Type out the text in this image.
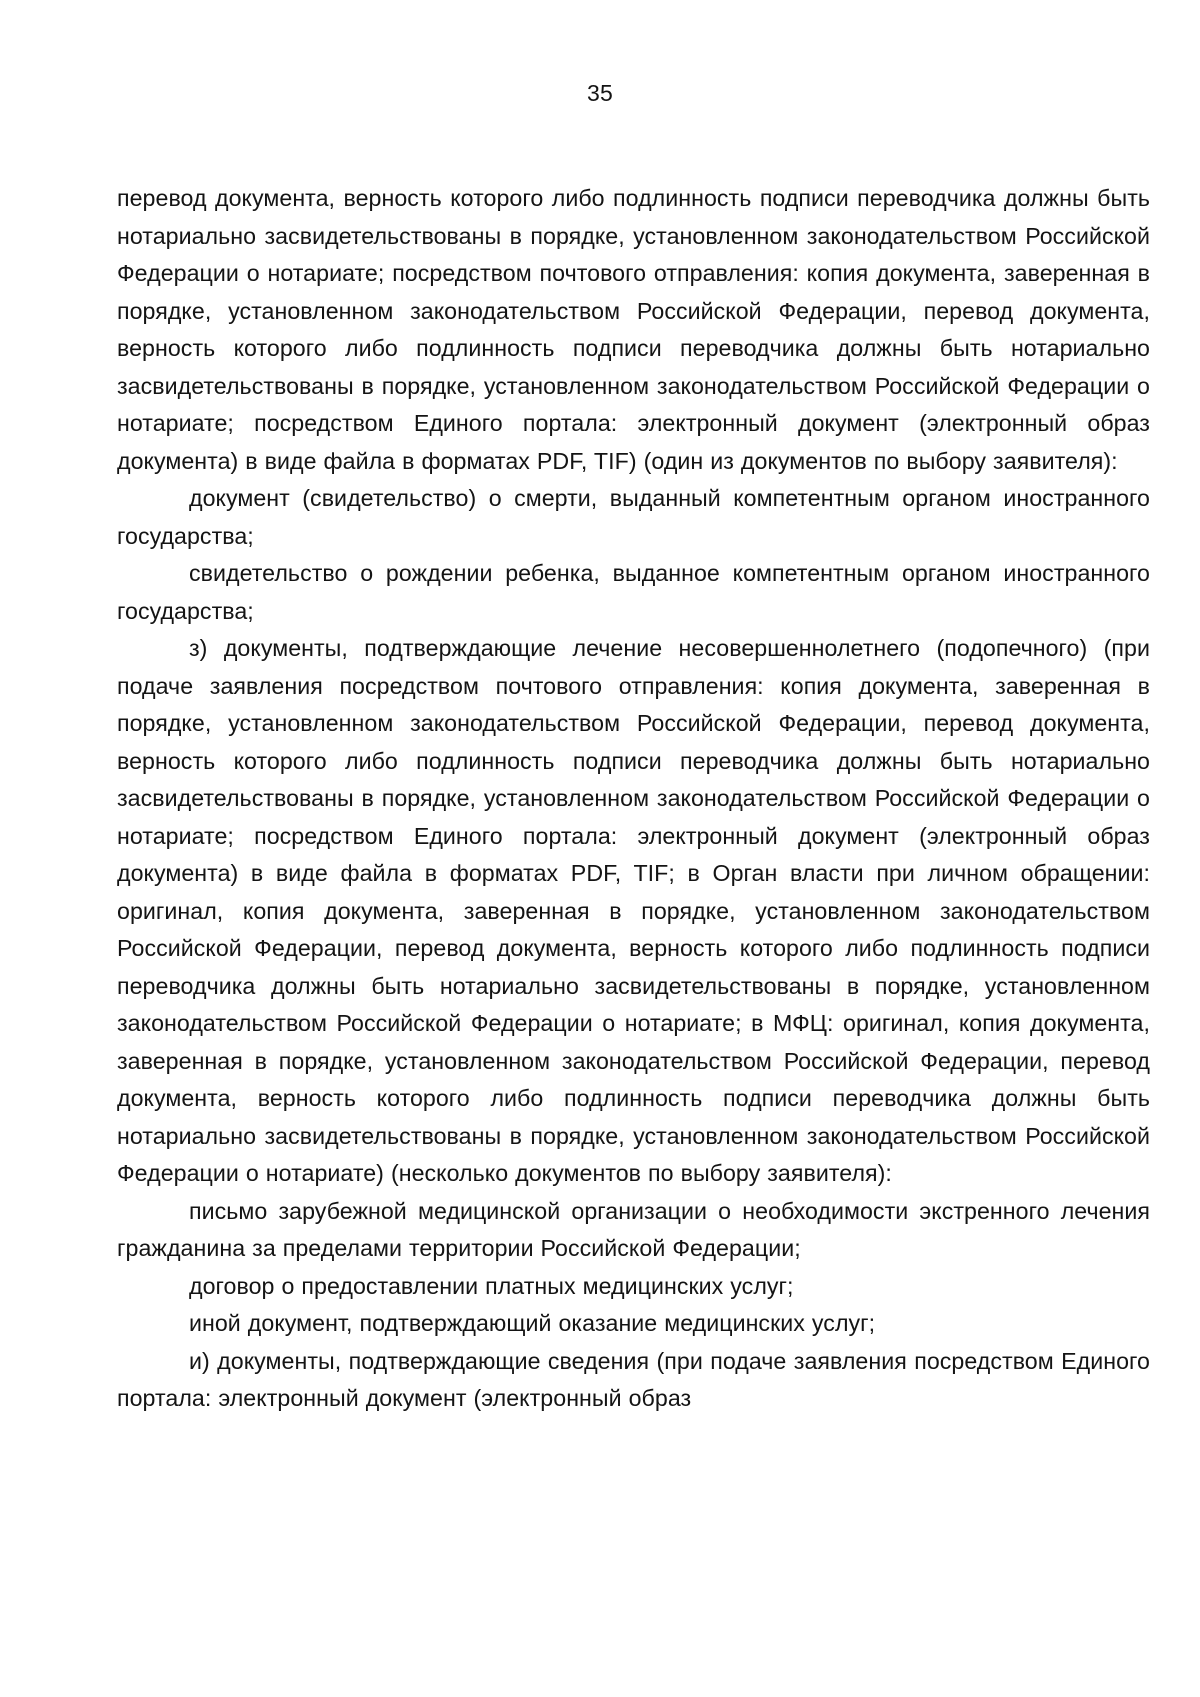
35

перевод документа, верность которого либо подлинность подписи переводчика должны быть нотариально засвидетельствованы в порядке, установленном законодательством Российской Федерации о нотариате; посредством почтового отправления: копия документа, заверенная в порядке, установленном законодательством Российской Федерации, перевод документа, верность которого либо подлинность подписи переводчика должны быть нотариально засвидетельствованы в порядке, установленном законодательством Российской Федерации о нотариате; посредством Единого портала: электронный документ (электронный образ документа) в виде файла в форматах PDF, TIF) (один из документов по выбору заявителя):

документ (свидетельство) о смерти, выданный компетентным органом иностранного государства;

свидетельство о рождении ребенка, выданное компетентным органом иностранного государства;

з) документы, подтверждающие лечение несовершеннолетнего (подопечного) (при подаче заявления посредством почтового отправления: копия документа, заверенная в порядке, установленном законодательством Российской Федерации, перевод документа, верность которого либо подлинность подписи переводчика должны быть нотариально засвидетельствованы в порядке, установленном законодательством Российской Федерации о нотариате; посредством Единого портала: электронный документ (электронный образ документа) в виде файла в форматах PDF, TIF; в Орган власти при личном обращении: оригинал, копия документа, заверенная в порядке, установленном законодательством Российской Федерации, перевод документа, верность которого либо подлинность подписи переводчика должны быть нотариально засвидетельствованы в порядке, установленном законодательством Российской Федерации о нотариате; в МФЦ: оригинал, копия документа, заверенная в порядке, установленном законодательством Российской Федерации, перевод документа, верность которого либо подлинность подписи переводчика должны быть нотариально засвидетельствованы в порядке, установленном законодательством Российской Федерации о нотариате) (несколько документов по выбору заявителя):

письмо зарубежной медицинской организации о необходимости экстренного лечения гражданина за пределами территории Российской Федерации;

договор о предоставлении платных медицинских услуг;

иной документ, подтверждающий оказание медицинских услуг;

и) документы, подтверждающие сведения (при подаче заявления посредством Единого портала: электронный документ (электронный образ
